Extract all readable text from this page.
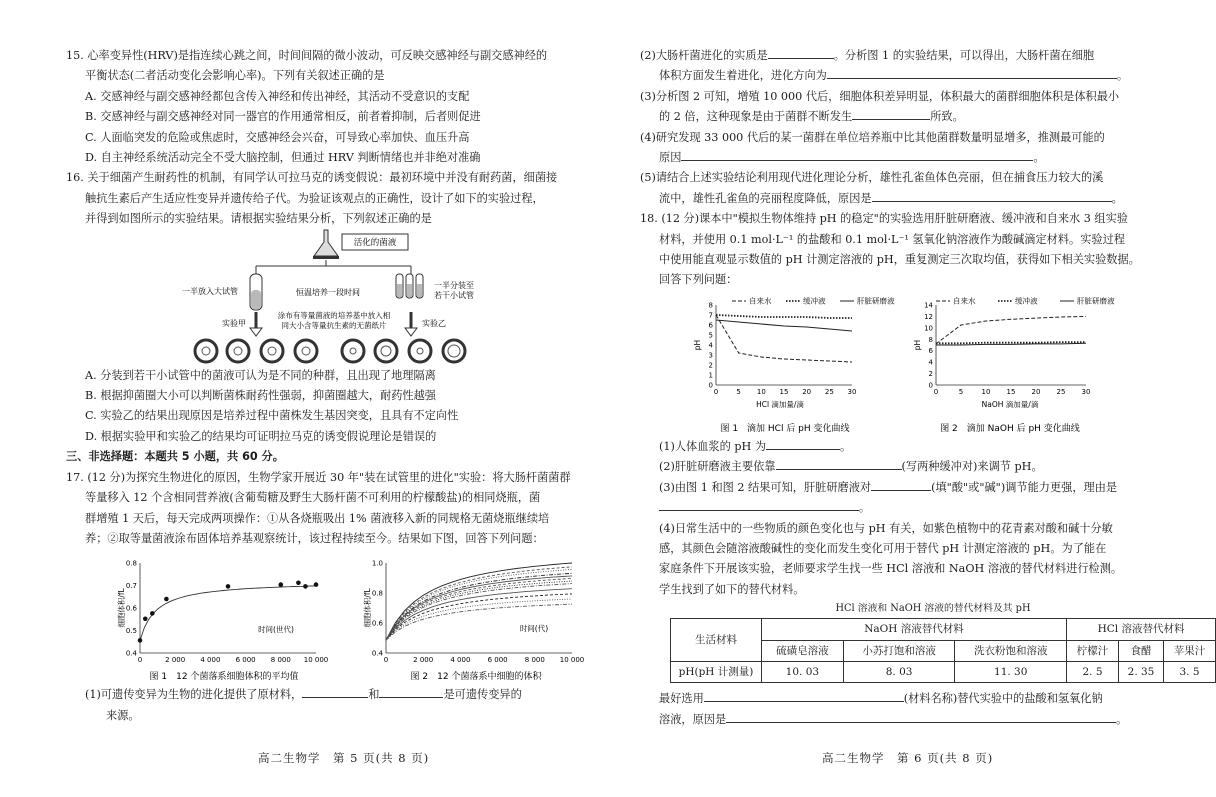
15. 心率变异性(HRV)是指连续心跳之间，时间间隔的微小波动，可反映交感神经与副交感神经的

平衡状态(二者活动变化会影响心率)。下列有关叙述正确的是

A. 交感神经与副交感神经都包含传入神经和传出神经，其活动不受意识的支配

B. 交感神经与副交感神经对同一器官的作用通常相反，前者着抑制，后者则促进

C. 人面临突发的危险或焦虑时，交感神经会兴奋，可导致心率加快、血压升高

D. 自主神经系统活动完全不受大脑控制，但通过 HRV 判断情绪也并非绝对准确

16. 关于细菌产生耐药性的机制，有同学认可拉马克的诱变假说：最初环境中并没有耐药菌，细菌接

触抗生素后产生适应性变异并遗传给子代。为验证该观点的正确性，设计了如下的实验过程，

并得到如图所示的实验结果。请根据实验结果分析，下列叙述正确的是

活化的菌液
一半放入大试管	恒温培养一段时间
一半分装至
若干小试管
实验甲	实验乙
涂布有等量菌液的培养基中放入相
同大小含等量抗生素的无菌纸片

A. 分装到若干小试管中的菌液可认为是不同的种群，且出现了地理隔离

B. 根据抑菌圈大小可以判断菌株耐药性强弱，抑菌圈越大，耐药性越强

C. 实验乙的结果出现原因是培养过程中菌株发生基因突变，且具有不定向性

D. 根据实验甲和实验乙的结果均可证明拉马克的诱变假说理论是错误的

三、非选择题：本题共 5 小题，共 60 分。

17. (12 分)为探究生物进化的原因，生物学家开展近 30 年"装在试管里的进化"实验：将大肠杆菌菌群

等量移入 12 个含相同营养液(含葡萄糖及野生大肠杆菌不可利用的柠檬酸盐)的相同烧瓶，菌

群增殖 1 天后，每天完成两项操作：①从各烧瓶吸出 1% 菌液移入新的同规格无菌烧瓶继续培

养；②取等量菌液涂布固体培养基观察统计，该过程持续至今。结果如下图，回答下列问题：

0	2 000 4 000 6 000 8 000 10 000
0.8
0.7
0.6
0.5
0.4
时间(世代)
细胞体积/fL
图 1　12 个菌落系细胞体积的平均值
0	2 000 4 000 6 000 8 000 10 000
1.0
0.8
0.6
0.4
时间(代)
细胞体积/fL
图 2　12 个菌落系中细胞的体积

(1)可遗传变异为生物的进化提供了原材料，	和	是可遗传变异的

来源。

高二生物学　第 5 页(共 8 页)

(2)大肠杆菌进化的实质是	。分析图 1 的实验结果，可以得出，大肠杆菌在细胞

体积方面发生着进化，进化方向为	。

(3)分析图 2 可知，增殖 10 000 代后，细胞体积差异明显，体积最大的菌群细胞体积是体积最小

的 2 倍，这种现象是由于菌群不断发生	所致。

(4)研究发现 33 000 代后的某一菌群在单位培养瓶中比其他菌群数量明显增多，推测最可能的

原因	。

(5)请结合上述实验结论利用现代进化理论分析，雄性孔雀鱼体色亮丽，但在捕食压力较大的溪

流中，雄性孔雀鱼的亮丽程度降低，原因是	。

18. (12 分)课本中"模拟生物体维持 pH 的稳定"的实验选用肝脏研磨液、缓冲液和自来水 3 组实验

材料，并使用 0.1 mol·L⁻¹ 的盐酸和 0.1 mol·L⁻¹ 氢氧化钠溶液作为酸碱滴定材料。实验过程

中使用能直观显示数值的 pH 计测定溶液的 pH，重复测定三次取均值，获得如下相关实验数据。

回答下列问题：

0	5 10 15 20 25 30
8
7
6
5
4
3
2
1
0
HCl 滴加量/滴
pH
图 1　滴加 HCl 后 pH 变化曲线
自来水	缓冲液	肝脏研磨液
0	5	10 15 20 25 30
14
12
10
8
6
4
2
0
NaOH 滴加量/滴
pH
图 2　滴加 NaOH 后 pH 变化曲线
自来水	缓冲液	肝脏研磨液

(1)人体血浆的 pH 为	。

(2)肝脏研磨液主要依靠	(写两种缓冲对)来调节 pH。

(3)由图 1 和图 2 结果可知，肝脏研磨液对	(填"酸"或"碱")调节能力更强，理由是

。

(4)日常生活中的一些物质的颜色变化也与 pH 有关，如紫色植物中的花青素对酸和碱十分敏

感，其颜色会随溶液酸碱性的变化而发生变化可用于替代 pH 计测定溶液的 pH。为了能在

家庭条件下开展该实验，老师要求学生找一些 HCl 溶液和 NaOH 溶液的替代材料进行检测。

学生找到了如下的替代材料。

HCl 溶液和 NaOH 溶液的替代材料及其 pH

生活材料	NaOH 溶液替代材料			HCl 溶液替代材料		
	硫磺皂溶液	小苏打饱和溶液	洗衣粉饱和溶液	柠檬汁	食醋	苹果汁
pH(pH 计测量)	10. 03	8. 03	11. 30	2. 5	2. 35	3. 5

最好选用	(材料名称)替代实验中的盐酸和氢氧化钠

溶液，原因是	。

高二生物学　第 6 页(共 8 页)
